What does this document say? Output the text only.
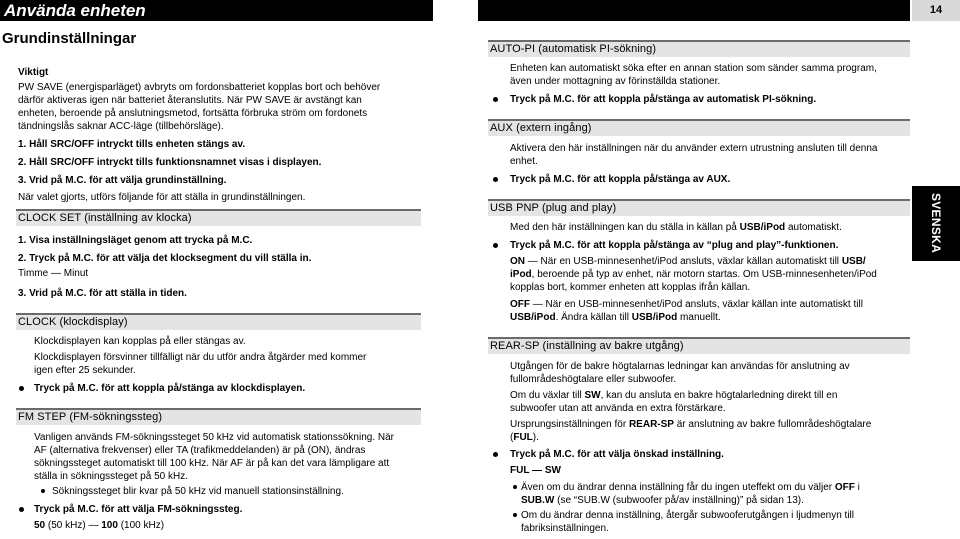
Använda enheten	14
SVENSKA
Grundinställningar
Viktigt
PW SAVE (energisparläget) avbryts om fordonsbatteriet kopplas bort och behöver
därför aktiveras igen när batteriet återanslutits. När PW SAVE är avstängt kan
enheten, beroende på anslutningsmetod, fortsätta förbruka ström om fordonets
tändningslås saknar ACC-läge (tillbehörsläge).
1. Håll SRC/OFF intryckt tills enheten stängs av.
2. Håll SRC/OFF intryckt tills funktionsnamnet visas i displayen.
3. Vrid på M.C. för att välja grundinställning.
När valet gjorts, utförs följande för att ställa in grundinställningen.
CLOCK SET (inställning av klocka)
1. Visa inställningsläget genom att trycka på M.C.
2. Tryck på M.C. för att välja det klocksegment du vill ställa in.
Timme — Minut
3. Vrid på M.C. för att ställa in tiden.
CLOCK (klockdisplay)
Klockdisplayen kan kopplas på eller stängas av.
Klockdisplayen försvinner tillfälligt när du utför andra åtgärder med kommer
igen efter 25 sekunder.
Tryck på M.C. för att koppla på/stänga av klockdisplayen.
FM STEP (FM-sökningssteg)
Vanligen används FM-sökningssteget 50 kHz vid automatisk stationssökning. När
AF (alternativa frekvenser) eller TA (trafikmeddelanden) är på (ON), ändras
sökningssteget automatiskt till 100 kHz. När AF är på kan det vara lämpligare att
ställa in sökningssteget på 50 kHz.
Sökningssteget blir kvar på 50 kHz vid manuell stationsinställning.
Tryck på M.C. för att välja FM-sökningssteg.
50 (50 kHz) — 100 (100 kHz)
AUTO-PI (automatisk PI-sökning)
Enheten kan automatiskt söka efter en annan station som sänder samma program,
även under mottagning av förinställda stationer.
Tryck på M.C. för att koppla på/stänga av automatisk PI-sökning.
AUX (extern ingång)
Aktivera den här inställningen när du använder extern utrustning ansluten till denna
enhet.
Tryck på M.C. för att koppla på/stänga av AUX.
USB PNP (plug and play)
Med den här inställningen kan du ställa in källan på USB/iPod automatiskt.
Tryck på M.C. för att koppla på/stänga av “plug and play”-funktionen.
ON — När en USB-minnesenhet/iPod ansluts, växlar källan automatiskt till USB/
iPod, beroende på typ av enhet, när motorn startas. Om USB-minnesenheten/iPod
kopplas bort, kommer enheten att kopplas ifrån källan.
OFF — När en USB-minnesenhet/iPod ansluts, växlar källan inte automatiskt till
USB/iPod. Ändra källan till USB/iPod manuellt.
REAR-SP (inställning av bakre utgång)
Utgången för de bakre högtalarnas ledningar kan användas för anslutning av
fullområdeshögtalare eller subwoofer.
Om du växlar till SW, kan du ansluta en bakre högtalarledning direkt till en
subwoofer utan att använda en extra förstärkare.
Ursprungsinställningen för REAR-SP är anslutning av bakre fullområdeshögtalare
(FUL).
Tryck på M.C. för att välja önskad inställning.
FUL — SW
Även om du ändrar denna inställning får du ingen uteffekt om du väljer OFF i
SUB.W (se “SUB.W (subwoofer på/av inställning)” på sidan 13).
Om du ändrar denna inställning, återgår subwooferutgången i ljudmenyn till
fabriksinställningen.
